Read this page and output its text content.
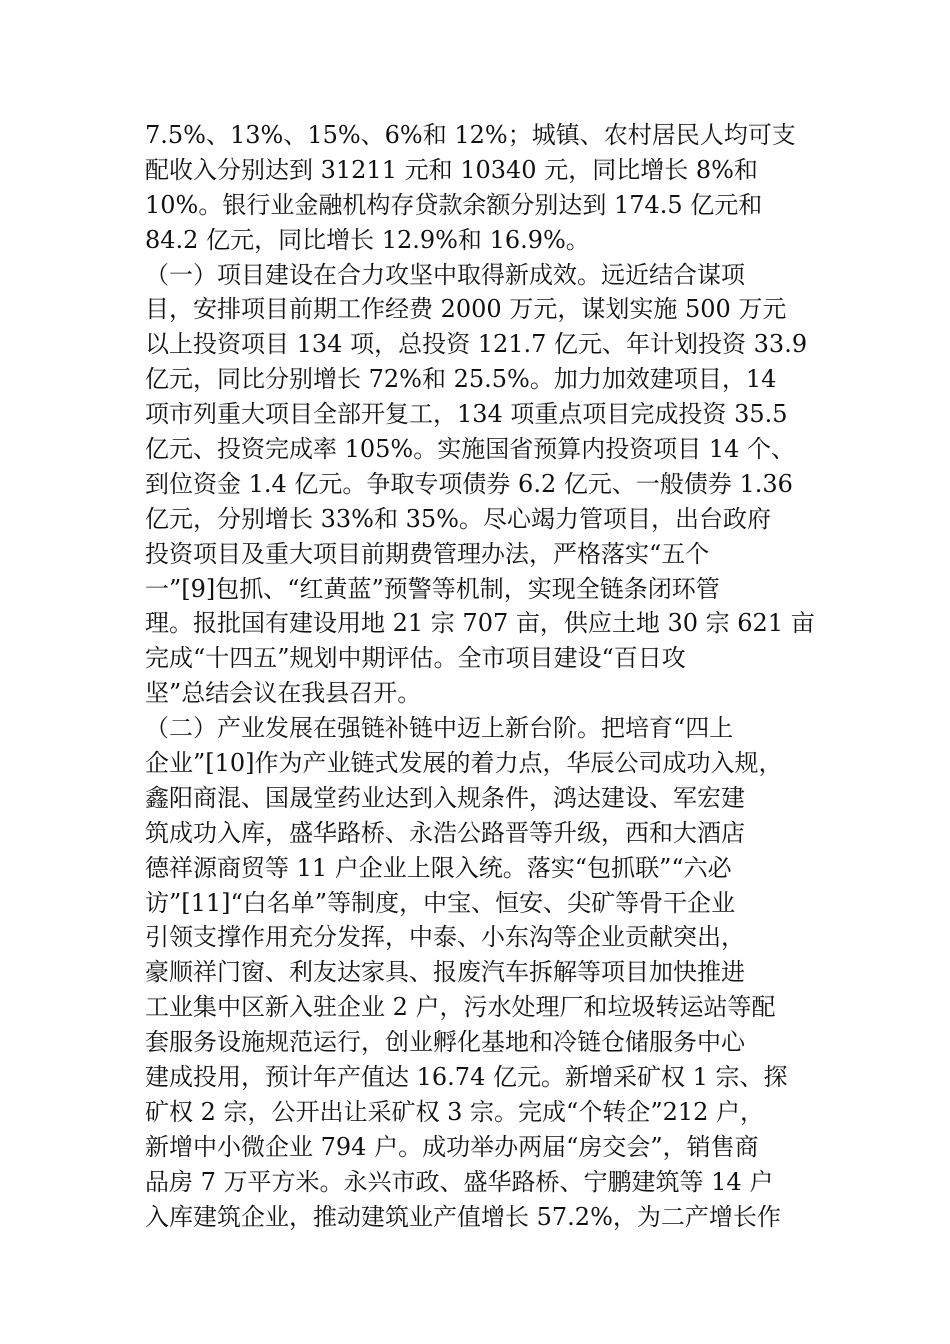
7.5%、13%、15%、6%和 12%；城镇、农村居民人均可支
配收入分别达到 31211 元和 10340 元，同比增长 8%和
10%。银行业金融机构存贷款余额分别达到 174.5 亿元和
84.2 亿元，同比增长 12.9%和 16.9%。
（一）项目建设在合力攻坚中取得新成效。远近结合谋项
目，安排项目前期工作经费 2000 万元，谋划实施 500 万元
以上投资项目 134 项，总投资 121.7 亿元、年计划投资 33.9
亿元，同比分别增长 72%和 25.5%。加力加效建项目，14
项市列重大项目全部开复工，134 项重点项目完成投资 35.5
亿元、投资完成率 105%。实施国省预算内投资项目 14 个、
到位资金 1.4 亿元。争取专项债券 6.2 亿元、一般债券 1.36
亿元，分别增长 33%和 35%。尽心竭力管项目，出台政府
投资项目及重大项目前期费管理办法，严格落实“五个
一”[9]包抓、“红黄蓝”预警等机制，实现全链条闭环管
理。报批国有建设用地 21 宗 707 亩，供应土地 30 宗 621 亩
完成“十四五”规划中期评估。全市项目建设“百日攻
坚”总结会议在我县召开。
（二）产业发展在强链补链中迈上新台阶。把培育“四上
企业”[10]作为产业链式发展的着力点，华辰公司成功入规，
鑫阳商混、国晟堂药业达到入规条件，鸿达建设、军宏建
筑成功入库，盛华路桥、永浩公路晋等升级，西和大酒店
德祥源商贸等 11 户企业上限入统。落实“包抓联”“六必
访”[11]“白名单”等制度，中宝、恒安、尖矿等骨干企业
引领支撑作用充分发挥，中泰、小东沟等企业贡献突出，
豪顺祥门窗、利友达家具、报废汽车拆解等项目加快推进
工业集中区新入驻企业 2 户，污水处理厂和垃圾转运站等配
套服务设施规范运行，创业孵化基地和冷链仓储服务中心
建成投用，预计年产值达 16.74 亿元。新增采矿权 1 宗、探
矿权 2 宗，公开出让采矿权 3 宗。完成“个转企”212 户，
新增中小微企业 794 户。成功举办两届“房交会”，销售商
品房 7 万平方米。永兴市政、盛华路桥、宁鹏建筑等 14 户
入库建筑企业，推动建筑业产值增长 57.2%，为二产增长作
